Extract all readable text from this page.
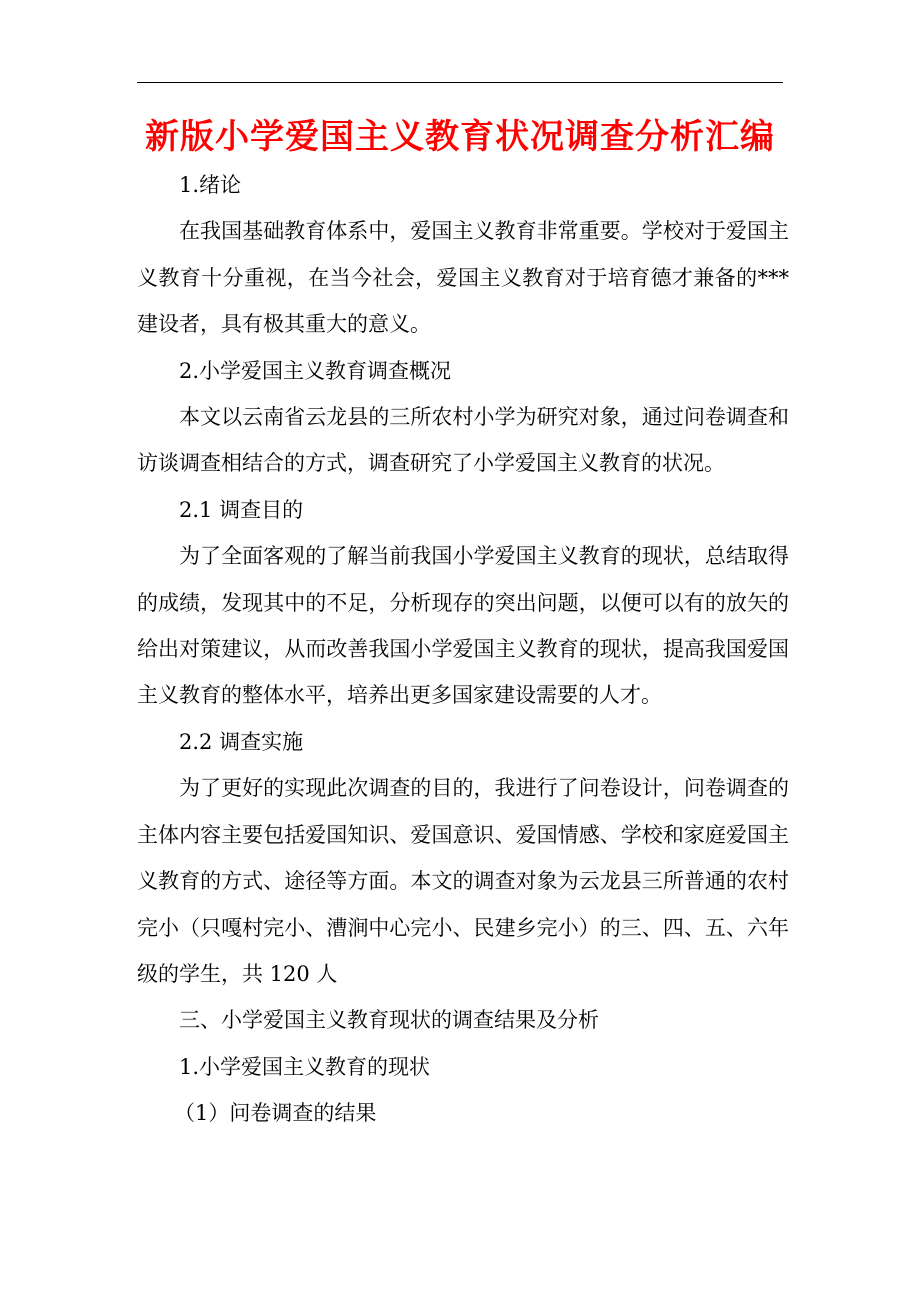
新版小学爱国主义教育状况调查分析汇编
1.绪论
在我国基础教育体系中，爱国主义教育非常重要。学校对于爱国主义教育十分重视，在当今社会，爱国主义教育对于培育德才兼备的***建设者，具有极其重大的意义。
2.小学爱国主义教育调查概况
本文以云南省云龙县的三所农村小学为研究对象，通过问卷调查和访谈调查相结合的方式，调查研究了小学爱国主义教育的状况。
2.1 调查目的
为了全面客观的了解当前我国小学爱国主义教育的现状，总结取得的成绩，发现其中的不足，分析现存的突出问题，以便可以有的放矢的给出对策建议，从而改善我国小学爱国主义教育的现状，提高我国爱国主义教育的整体水平，培养出更多国家建设需要的人才。
2.2 调查实施
为了更好的实现此次调查的目的，我进行了问卷设计，问卷调查的主体内容主要包括爱国知识、爱国意识、爱国情感、学校和家庭爱国主义教育的方式、途径等方面。本文的调查对象为云龙县三所普通的农村完小（只嘎村完小、漕涧中心完小、民建乡完小）的三、四、五、六年级的学生，共 120 人
三、小学爱国主义教育现状的调查结果及分析
1.小学爱国主义教育的现状
（1）问卷调查的结果
